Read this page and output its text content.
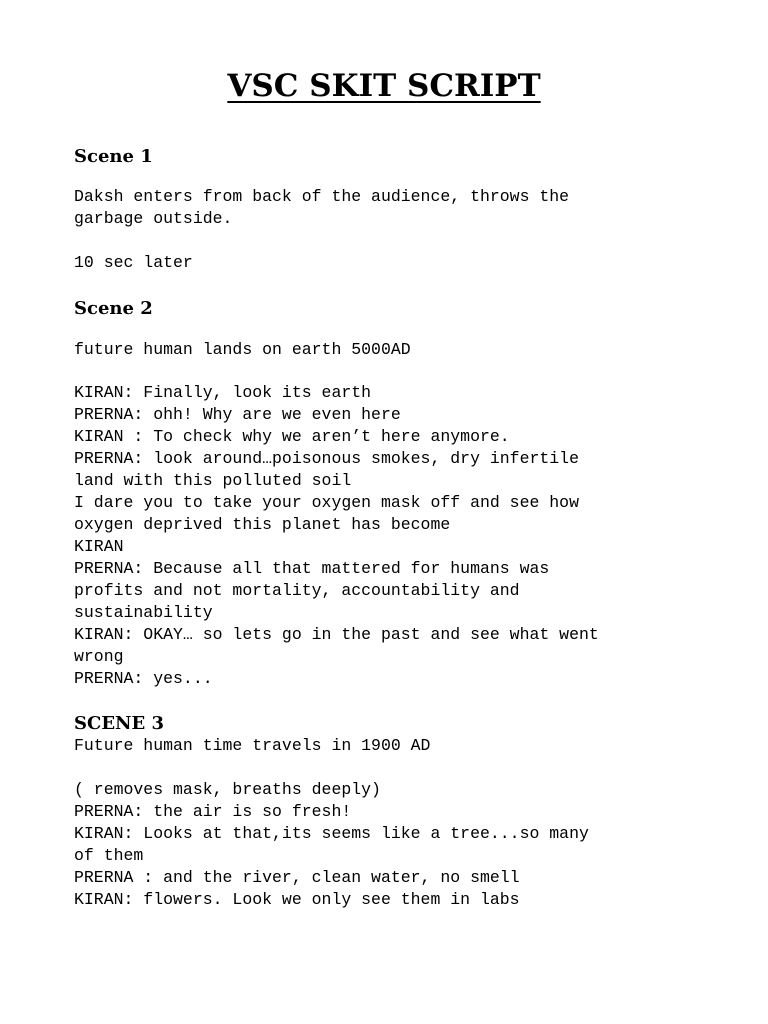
VSC SKIT SCRIPT
Scene 1
Daksh enters from back of the audience, throws the
garbage outside.
10 sec later
Scene 2
future human lands on earth 5000AD
KIRAN: Finally, look its earth
PRERNA: ohh! Why are we even here
KIRAN : To check why we aren’t here anymore.
PRERNA: look around…poisonous smokes, dry infertile
land with this polluted soil
I dare you to take your oxygen mask off and see how
oxygen deprived this planet has become
KIRAN
PRERNA: Because all that mattered for humans was
profits and not mortality, accountability and
sustainability
KIRAN: OKAY… so lets go in the past and see what went
wrong
PRERNA: yes...
SCENE 3
Future human time travels in 1900 AD
( removes mask, breaths deeply)
PRERNA: the air is so fresh!
KIRAN: Looks at that,its seems like a tree...so many
of them
PRERNA : and the river, clean water, no smell
KIRAN: flowers. Look we only see them in labs
